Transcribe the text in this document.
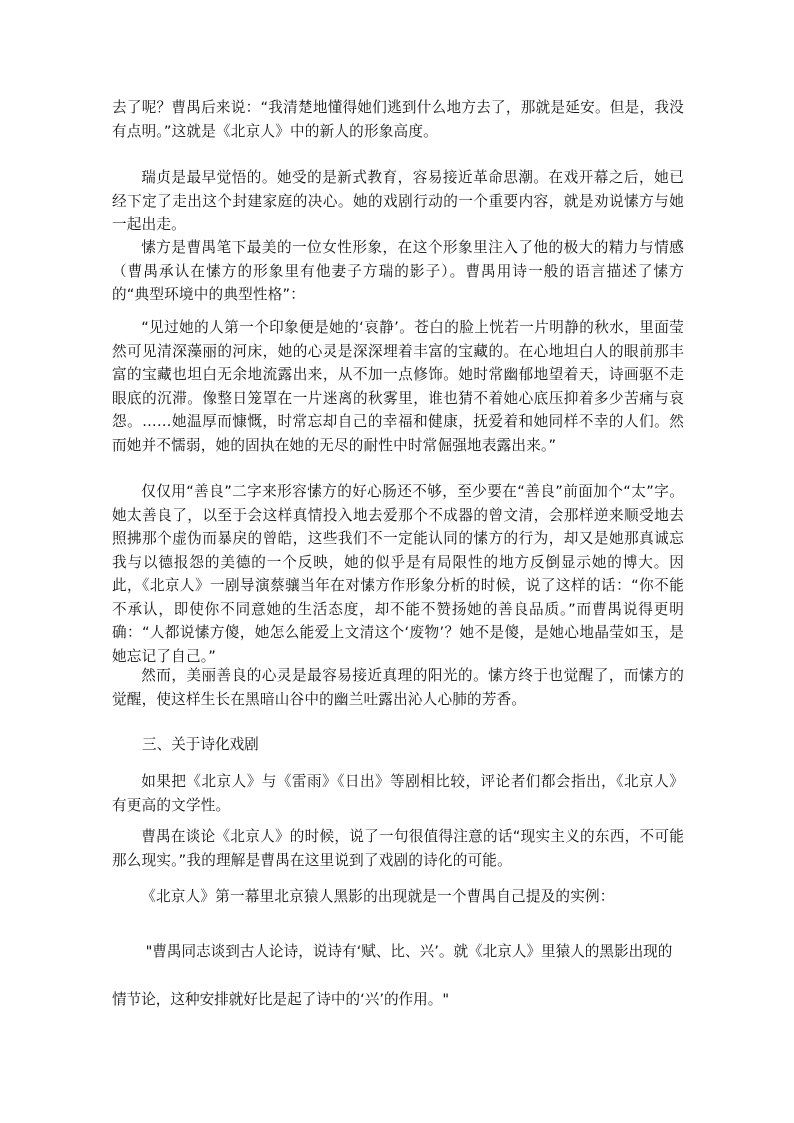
去了呢？曹禺后来说：“我清楚地懂得她们逃到什么地方去了，那就是延安。但是，我没有点明。”这就是《北京人》中的新人的形象高度。

瑞贞是最早觉悟的。她受的是新式教育，容易接近革命思潮。在戏开幕之后，她已经下定了走出这个封建家庭的决心。她的戏剧行动的一个重要内容，就是劝说愫方与她一起出走。

愫方是曹禺笔下最美的一位女性形象，在这个形象里注入了他的极大的精力与情感（曹禺承认在愫方的形象里有他妻子方瑞的影子）。曹禺用诗一般的语言描述了愫方的“典型环境中的典型性格”：

“见过她的人第一个印象便是她的‘哀静’。苍白的脸上恍若一片明静的秋水，里面莹然可见清深藻丽的河床，她的心灵是深深埋着丰富的宝藏的。在心地坦白人的眼前那丰富的宝藏也坦白无余地流露出来，从不加一点修饰。她时常幽郁地望着天，诗画驱不走眼底的沉滞。像整日笼罩在一片迷离的秋雾里，谁也猜不着她心底压抑着多少苦痛与哀怨。……她温厚而慷慨，时常忘却自己的幸福和健康，抚爱着和她同样不幸的人们。然而她并不懦弱，她的固执在她的无尽的耐性中时常倔强地表露出来。”

仅仅用“善良”二字来形容愫方的好心肠还不够，至少要在“善良”前面加个“太”字。她太善良了，以至于会这样真情投入地去爱那个不成器的曾文清，会那样逆来顺受地去照拂那个虚伪而暴戾的曾皓，这些我们不一定能认同的愫方的行为，却又是她那真诚忘我与以德报怨的美德的一个反映，她的似乎是有局限性的地方反倒显示她的博大。因此，《北京人》一剧导演蔡骧当年在对愫方作形象分析的时候，说了这样的话：“你不能不承认，即使你不同意她的生活态度，却不能不赞扬她的善良品质。”而曹禺说得更明确：“人都说愫方傻，她怎么能爱上文清这个‘废物’？她不是傻，是她心地晶莹如玉，是她忘记了自己。”

然而，美丽善良的心灵是最容易接近真理的阳光的。愫方终于也觉醒了，而愫方的觉醒，使这样生长在黑暗山谷中的幽兰吐露出沁人心肺的芳香。

三、关于诗化戏剧

如果把《北京人》与《雷雨》《日出》等剧相比较，评论者们都会指出，《北京人》有更高的文学性。

曹禺在谈论《北京人》的时候，说了一句很值得注意的话“现实主义的东西，不可能那么现实。”我的理解是曹禺在这里说到了戏剧的诗化的可能。

《北京人》第一幕里北京猿人黑影的出现就是一个曹禺自己提及的实例：

"曹禺同志谈到古人论诗，说诗有‘赋、比、兴’。就《北京人》里猿人的黑影出现的情节论，这种安排就好比是起了诗中的‘兴’的作用。"
